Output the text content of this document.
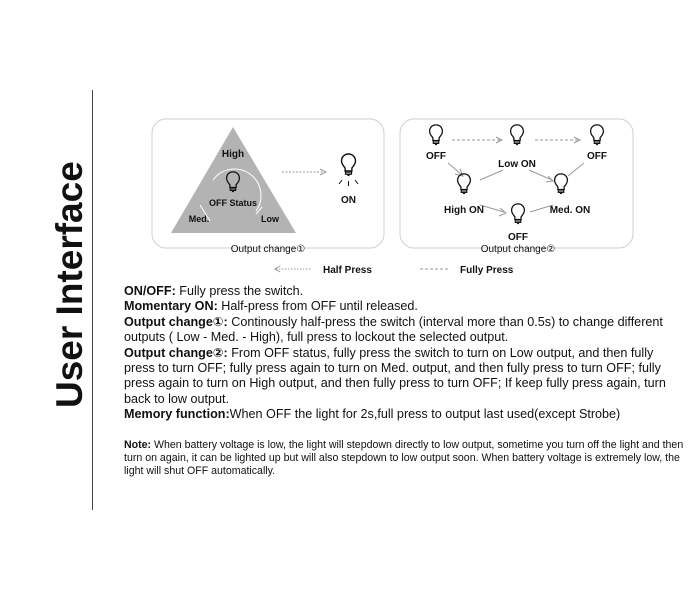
User Interface
High
OFF Status
Med.	Low
ON
Output change①
OFF
Low ON
OFF
High ON	Med. ON
OFF
Output change②
Half Press	Fully Press

ON/OFF: Fully press the switch.

Momentary ON: Half-press from OFF until released.

Output change①: Continously half-press the switch (interval more than 0.5s) to change different outputs ( Low - Med. - High), full press to lockout the selected output.

Output change②: From OFF status, fully press the switch to turn on Low output, and then fully press to turn OFF; fully press again to turn on Med. output, and then fully press to turn OFF; fully press again to turn on High output, and then fully press to turn OFF; If keep fully press again, turn back to low output.

Memory function:When OFF the light for 2s,full press to output last used(except Strobe)

Note: When battery voltage is low, the light will stepdown directly to low output, sometime you turn off the light and then turn on again, it can be lighted up but will also stepdown to low output soon. When battery voltage is extremely low, the light will shut OFF automatically.
